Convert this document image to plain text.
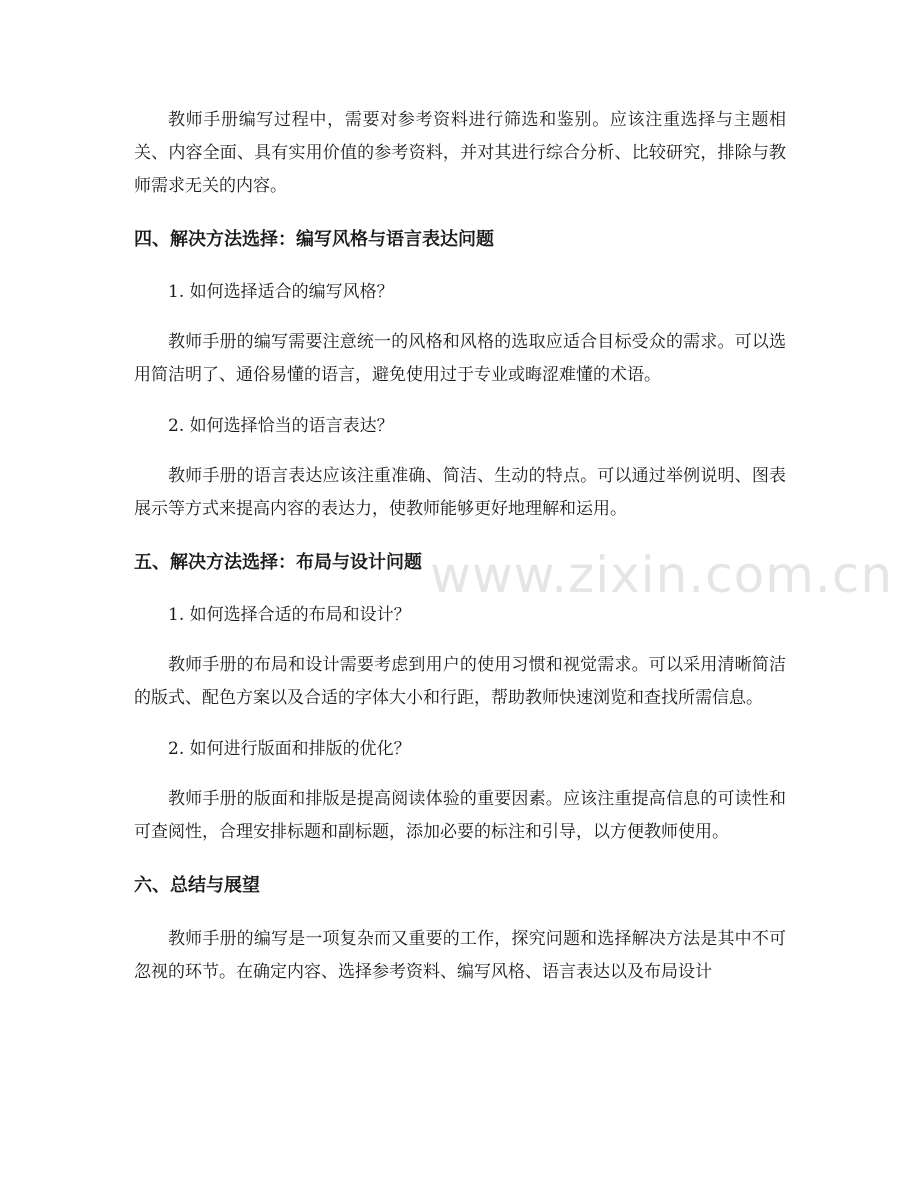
教师手册编写过程中，需要对参考资料进行筛选和鉴别。应该注重选择与主题相关、内容全面、具有实用价值的参考资料，并对其进行综合分析、比较研究，排除与教师需求无关的内容。

四、解决方法选择：编写风格与语言表达问题

1. 如何选择适合的编写风格？

教师手册的编写需要注意统一的风格和风格的选取应适合目标受众的需求。可以选用简洁明了、通俗易懂的语言，避免使用过于专业或晦涩难懂的术语。

2. 如何选择恰当的语言表达？

教师手册的语言表达应该注重准确、简洁、生动的特点。可以通过举例说明、图表展示等方式来提高内容的表达力，使教师能够更好地理解和运用。

五、解决方法选择：布局与设计问题

1. 如何选择合适的布局和设计？

教师手册的布局和设计需要考虑到用户的使用习惯和视觉需求。可以采用清晰简洁的版式、配色方案以及合适的字体大小和行距，帮助教师快速浏览和查找所需信息。

2. 如何进行版面和排版的优化？

教师手册的版面和排版是提高阅读体验的重要因素。应该注重提高信息的可读性和可查阅性，合理安排标题和副标题，添加必要的标注和引导，以方便教师使用。

六、总结与展望

教师手册的编写是一项复杂而又重要的工作，探究问题和选择解决方法是其中不可忽视的环节。在确定内容、选择参考资料、编写风格、语言表达以及布局设计

www.zixin.com.cn
